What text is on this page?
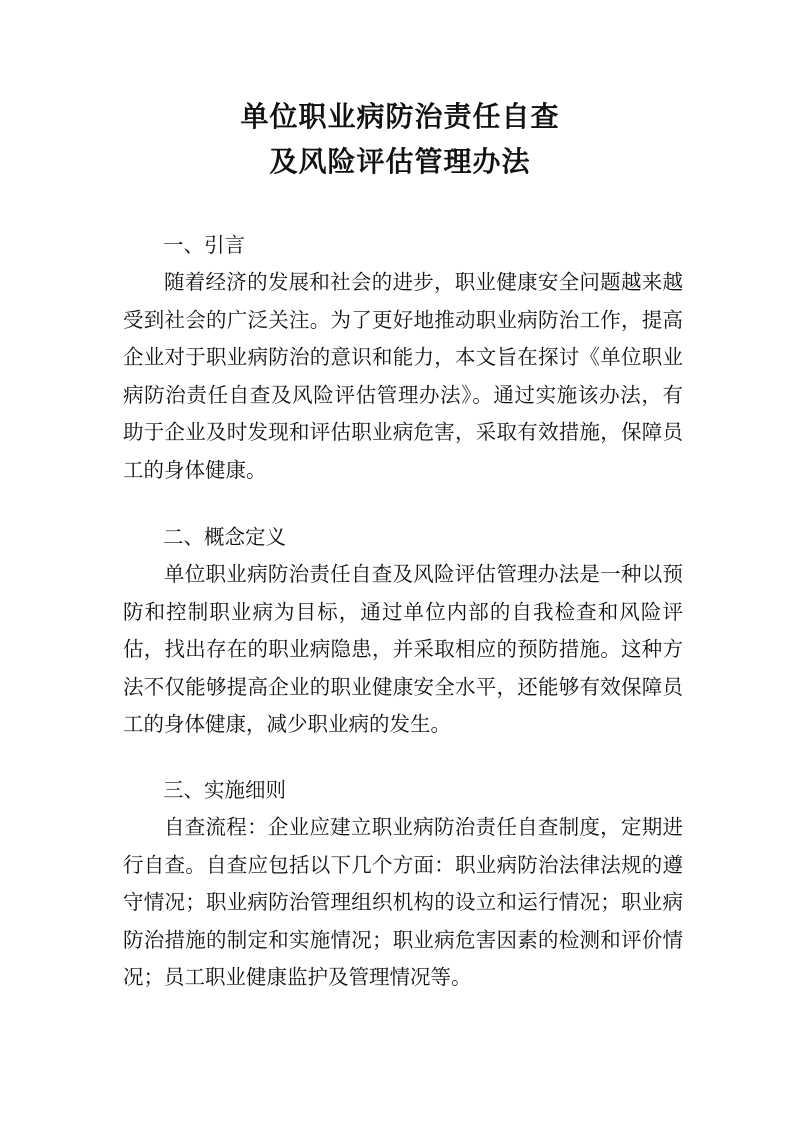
单位职业病防治责任自查
及风险评估管理办法
一、引言

随着经济的发展和社会的进步，职业健康安全问题越来越受到社会的广泛关注。为了更好地推动职业病防治工作，提高企业对于职业病防治的意识和能力，本文旨在探讨《单位职业病防治责任自查及风险评估管理办法》。通过实施该办法，有助于企业及时发现和评估职业病危害，采取有效措施，保障员工的身体健康。

二、概念定义

单位职业病防治责任自查及风险评估管理办法是一种以预防和控制职业病为目标，通过单位内部的自我检查和风险评估，找出存在的职业病隐患，并采取相应的预防措施。这种方法不仅能够提高企业的职业健康安全水平，还能够有效保障员工的身体健康，减少职业病的发生。

三、实施细则

自查流程：企业应建立职业病防治责任自查制度，定期进行自查。自查应包括以下几个方面：职业病防治法律法规的遵守情况；职业病防治管理组织机构的设立和运行情况；职业病防治措施的制定和实施情况；职业病危害因素的检测和评价情况；员工职业健康监护及管理情况等。
